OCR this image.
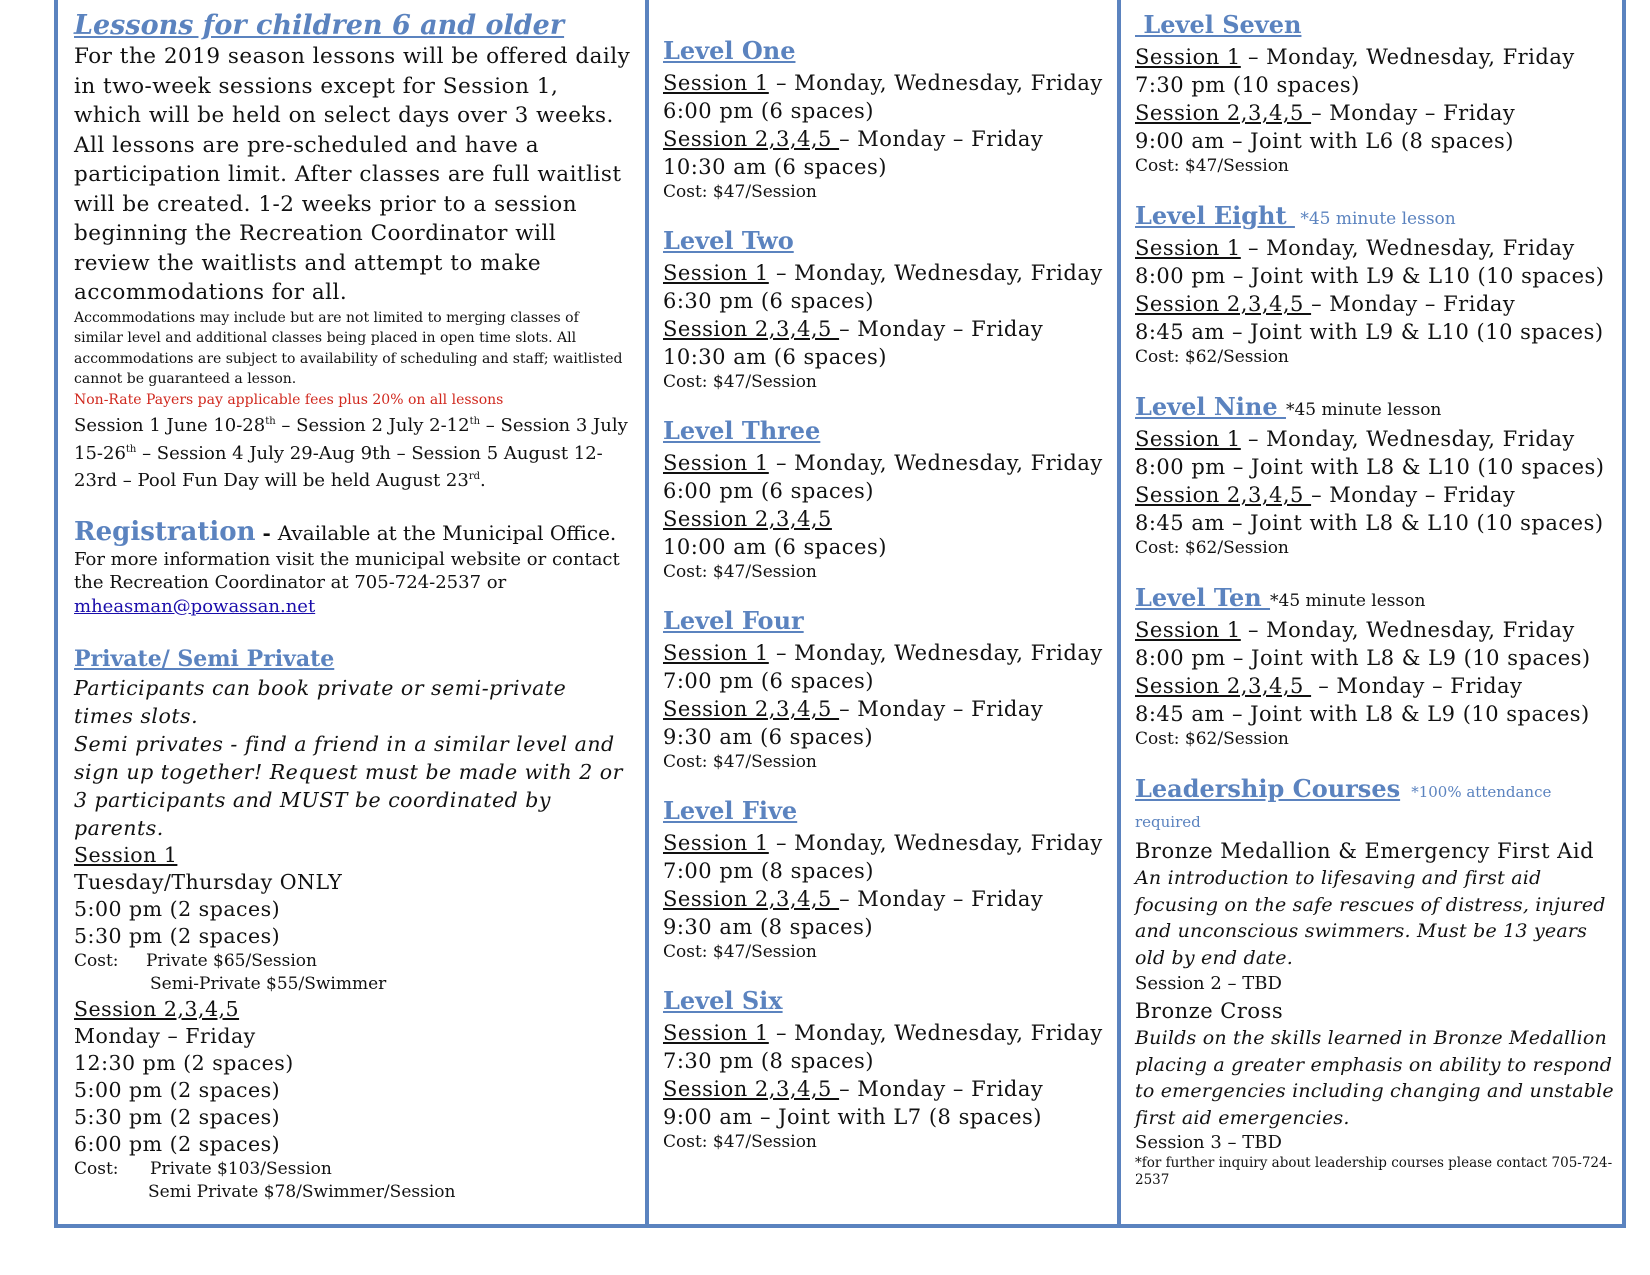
Lessons for children 6 and older

For the 2019 season lessons will be offered daily in two-week sessions except for Session 1, which will be held on select days over 3 weeks. All lessons are pre-scheduled and have a participation limit. After classes are full waitlist will be created. 1-2 weeks prior to a session beginning the Recreation Coordinator will review the waitlists and attempt to make accommodations for all.

Accommodations may include but are not limited to merging classes of similar level and additional classes being placed in open time slots. All accommodations are subject to availability of scheduling and staff; waitlisted cannot be guaranteed a lesson.

Non-Rate Payers pay applicable fees plus 20% on all lessons

Session 1 June 10-28th – Session 2 July 2-12th – Session 3 July 15-26th – Session 4 July 29-Aug 9th – Session 5 August 12-23rd – Pool Fun Day will be held August 23rd.

Registration - Available at the Municipal Office.

For more information visit the municipal website or contact the Recreation Coordinator at 705-724-2537 or
mheasman@powassan.net

Private/ Semi Private

Participants can book private or semi-private times slots.

Semi privates - find a friend in a similar level and sign up together! Request must be made with 2 or 3 participants and MUST be coordinated by parents.

Session 1
Tuesday/Thursday ONLY
5:00 pm (2 spaces)
5:30 pm (2 spaces)
Cost: Private $65/Session
Semi-Private $55/Swimmer
Session 2,3,4,5
Monday – Friday
12:30 pm (2 spaces)
5:00 pm (2 spaces)
5:30 pm (2 spaces)
6:00 pm (2 spaces)
Cost: Private $103/Session
Semi Private $78/Swimmer/Session
Level One
Session 1 – Monday, Wednesday, Friday
6:00 pm (6 spaces)
Session 2,3,4,5 – Monday – Friday
10:30 am (6 spaces)
Cost: $47/Session
Level Two
Session 1 – Monday, Wednesday, Friday
6:30 pm (6 spaces)
Session 2,3,4,5 – Monday – Friday
10:30 am (6 spaces)
Cost: $47/Session
Level Three
Session 1 – Monday, Wednesday, Friday
6:00 pm (6 spaces)
Session 2,3,4,5
10:00 am (6 spaces)
Cost: $47/Session
Level Four
Session 1 – Monday, Wednesday, Friday
7:00 pm (6 spaces)
Session 2,3,4,5 – Monday – Friday
9:30 am (6 spaces)
Cost: $47/Session
Level Five
Session 1 – Monday, Wednesday, Friday
7:00 pm (8 spaces)
Session 2,3,4,5 – Monday – Friday
9:30 am (8 spaces)
Cost: $47/Session
Level Six
Session 1 – Monday, Wednesday, Friday
7:30 pm (8 spaces)
Session 2,3,4,5 – Monday – Friday
9:00 am – Joint with L7 (8 spaces)
Cost: $47/Session
Level Seven
Session 1 – Monday, Wednesday, Friday
7:30 pm (10 spaces)
Session 2,3,4,5 – Monday – Friday
9:00 am – Joint with L6 (8 spaces)
Cost: $47/Session
Level Eight  *45 minute lesson
Session 1 – Monday, Wednesday, Friday
8:00 pm – Joint with L9 & L10 (10 spaces)
Session 2,3,4,5 – Monday – Friday
8:45 am – Joint with L9 & L10 (10 spaces)
Cost: $62/Session
Level Nine *45 minute lesson
Session 1 – Monday, Wednesday, Friday
8:00 pm – Joint with L8 & L10 (10 spaces)
Session 2,3,4,5 – Monday – Friday
8:45 am – Joint with L8 & L10 (10 spaces)
Cost: $62/Session
Level Ten *45 minute lesson
Session 1 – Monday, Wednesday, Friday
8:00 pm – Joint with L8 & L9 (10 spaces)
Session 2,3,4,5  – Monday – Friday
8:45 am – Joint with L8 & L9 (10 spaces)
Cost: $62/Session
Leadership Courses *100% attendance required
Bronze Medallion & Emergency First Aid
An introduction to lifesaving and first aid focusing on the safe rescues of distress, injured and unconscious swimmers. Must be 13 years old by end date.
Session 2 – TBD
Bronze Cross
Builds on the skills learned in Bronze Medallion placing a greater emphasis on ability to respond to emergencies including changing and unstable first aid emergencies.
Session 3 – TBD
*for further inquiry about leadership courses please contact 705-724-2537
